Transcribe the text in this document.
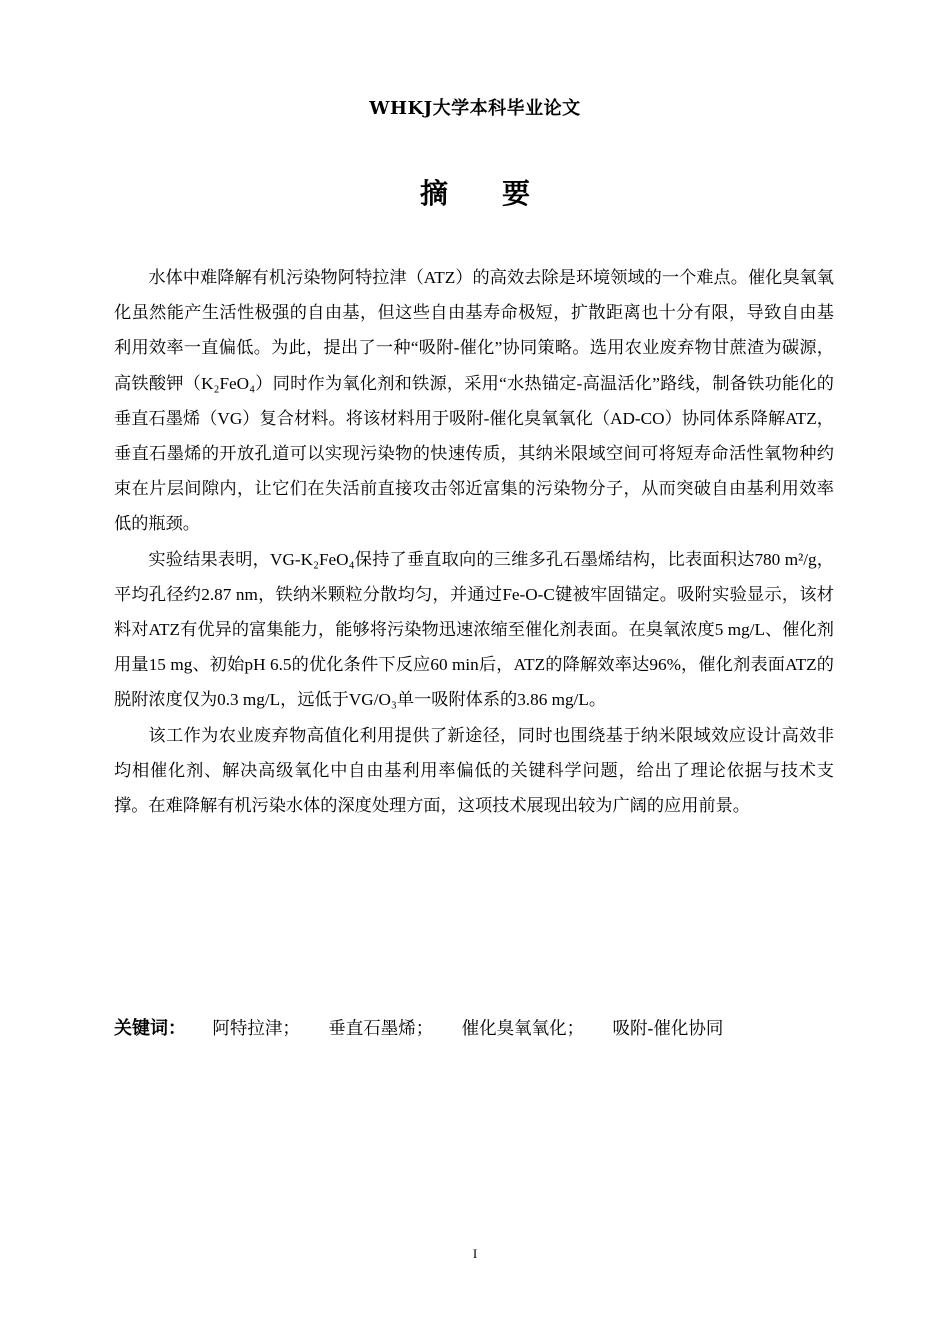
WHKJ大学本科毕业论文
摘要

水体中难降解有机污染物阿特拉津（ATZ）的高效去除是环境领域的一个难点。催化臭氧氧化虽然能产生活性极强的自由基，但这些自由基寿命极短，扩散距离也十分有限，导致自由基利用效率一直偏低。为此，提出了一种“吸附-催化”协同策略。选用农业废弃物甘蔗渣为碳源，高铁酸钾（K₂FeO₄）同时作为氧化剂和铁源，采用“水热锚定-高温活化”路线，制备铁功能化的垂直石墨烯（VG）复合材料。将该材料用于吸附-催化臭氧氧化（AD-CO）协同体系降解ATZ，垂直石墨烯的开放孔道可以实现污染物的快速传质，其纳米限域空间可将短寿命活性氧物种约束在片层间隙内，让它们在失活前直接攻击邻近富集的污染物分子，从而突破自由基利用效率低的瓶颈。

实验结果表明，VG-K₂FeO₄保持了垂直取向的三维多孔石墨烯结构，比表面积达780 m²/g，平均孔径约2.87 nm，铁纳米颗粒分散均匀，并通过Fe-O-C键被牢固锚定。吸附实验显示，该材料对ATZ有优异的富集能力，能够将污染物迅速浓缩至催化剂表面。在臭氧浓度5 mg/L、催化剂用量15 mg、初始pH 6.5的优化条件下反应60 min后，ATZ的降解效率达96%，催化剂表面ATZ的脱附浓度仅为0.3 mg/L，远低于VG/O₃单一吸附体系的3.86 mg/L。

该工作为农业废弃物高值化利用提供了新途径，同时也围绕基于纳米限域效应设计高效非均相催化剂、解决高级氧化中自由基利用率偏低的关键科学问题，给出了理论依据与技术支撑。在难降解有机污染水体的深度处理方面，这项技术展现出较为广阔的应用前景。

关键词： 阿特拉津； 垂直石墨烯； 催化臭氧氧化； 吸附-催化协同
I
